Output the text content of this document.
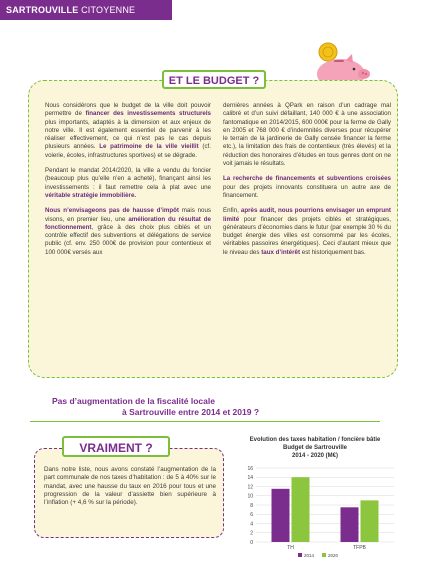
SARTROUVILLE CITOYENNE
ET LE BUDGET ?

Nous considérons que le budget de la ville doit pouvoir permettre de financer des investissements structurels plus importants, adaptés à la dimension et aux enjeux de notre ville. Il est également essentiel de parvenir à les réaliser effectivement, ce qui n’est pas le cas depuis plusieurs années. Le patrimoine de la ville vieillit (cf. voierie, écoles, infrastructures sportives) et se dégrade.

Pendant le mandat 2014/2020, la ville a vendu du foncier (beaucoup plus qu’elle n’en a acheté), finançant ainsi les investissements : il faut remettre cela à plat avec une véritable stratégie immobilière.

Nous n’envisageons pas de hausse d’impôt mais nous visons, en premier lieu, une amélioration du résultat de fonctionnement, grâce à des choix plus ciblés et un contrôle effectif des subventions et délégations de service public (cf. env. 250 000€ de provision pour contentieux et 100 000€ versés aux

dernières années à QPark en raison d’un cadrage mal calibré et d’un suivi défaillant, 140 000 € à une association fantomatique en 2014/2015, 600 000€ pour la ferme de Gally en 2005 et 768 000 € d’indemnités diverses pour récupérer le terrain de la jardinerie de Gally censée financer la ferme etc.), la limitation des frais de contentieux (très élevés) et la réduction des honoraires d’études en tous genres dont on ne voit jamais le résultats.

La recherche de financements et subventions croisées pour des projets innovants constituera un autre axe de financement.

Enfin, après audit, nous pourrions envisager un emprunt limité pour financer des projets ciblés et stratégiques, générateurs d’économies dans le futur (par exemple 30 % du budget énergie des villes est consommé par les écoles, véritables passoires énergétiques). Ceci d’autant mieux que le niveau des taux d’intérêt est historiquement bas.

Pas d’augmentation de la fiscalité locale
à Sartrouville entre 2014 et 2019 ?
VRAIMENT ?
Dans notre liste, nous avons constaté l’augmentation de la part communale de nos taxes d’habitation : de 5 à 40% sur le mandat, avec une hausse du taux en 2016 pour tous et une progression de la valeur d’assiette bien supérieure à l’inflation (+ 4,6 % sur la période).
Evolution des taxes habitation / foncière bâtie
Budget de Sartrouville
2014 - 2020 (M€)
0
2
4
6
8
10
12
14
16
TH	TFPB
2014	2020
